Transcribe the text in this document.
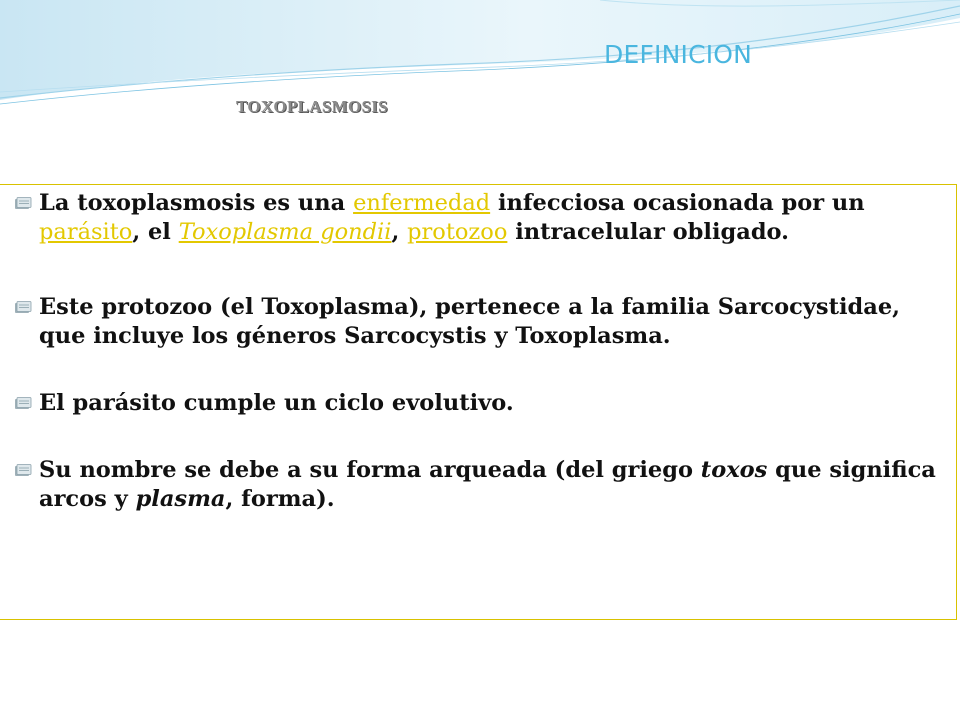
DEFINICION
TOXOPLASMOSIS
La toxoplasmosis es una enfermedad infecciosa ocasionada por un parásito, el Toxoplasma gondii, protozoo intracelular obligado.
Este protozoo (el Toxoplasma), pertenece a la familia Sarcocystidae, que incluye los géneros Sarcocystis y Toxoplasma.
El parásito cumple un ciclo evolutivo.
Su nombre se debe a su forma arqueada (del griego toxos que significa arcos y plasma, forma).
